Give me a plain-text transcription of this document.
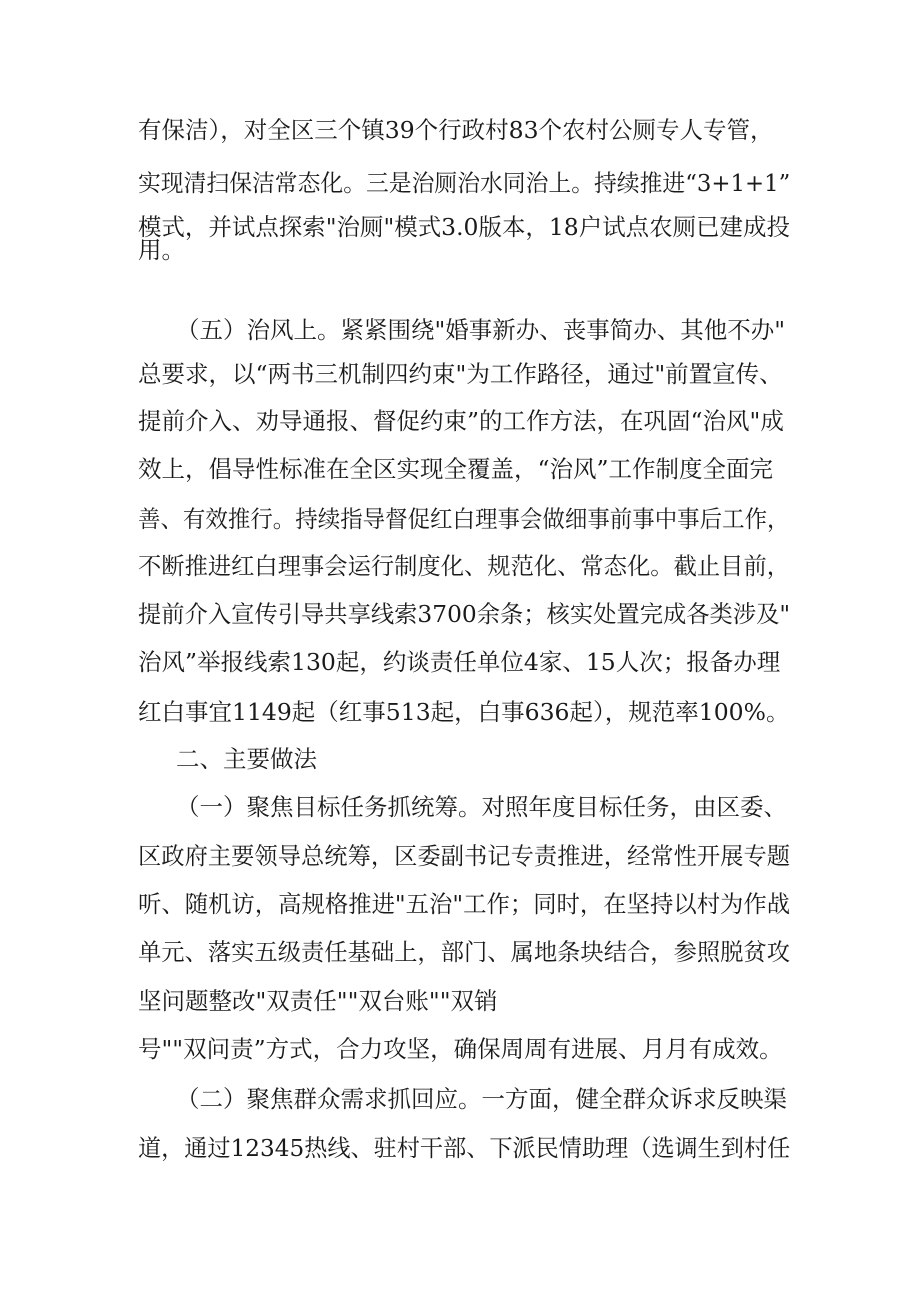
有保洁），对全区三个镇39个行政村83个农村公厕专人专管，
实现清扫保洁常态化。三是治厕治水同治上。持续推进“3+1+1”
模式，并试点探索"治厕"模式3.0版本，18户试点农厕已建成投
用。
（五）治风上。紧紧围绕"婚事新办、丧事简办、其他不办"
总要求，以“两书三机制四约束"为工作路径，通过"前置宣传、
提前介入、劝导通报、督促约束”的工作方法，在巩固“治风"成
效上，倡导性标准在全区实现全覆盖，“治风”工作制度全面完
善、有效推行。持续指导督促红白理事会做细事前事中事后工作，
不断推进红白理事会运行制度化、规范化、常态化。截止目前，
提前介入宣传引导共享线索3700余条；核实处置完成各类涉及"
治风”举报线索130起，约谈责任单位4家、15人次；报备办理
红白事宜1149起（红事513起，白事636起），规范率100%。
二、主要做法
（一）聚焦目标任务抓统筹。对照年度目标任务，由区委、
区政府主要领导总统筹，区委副书记专责推进，经常性开展专题
听、随机访，高规格推进"五治"工作；同时，在坚持以村为作战
单元、落实五级责任基础上，部门、属地条块结合，参照脱贫攻
坚问题整改"双责任""双台账""双销
号""双问责”方式，合力攻坚，确保周周有进展、月月有成效。
（二）聚焦群众需求抓回应。一方面，健全群众诉求反映渠
道，通过12345热线、驻村干部、下派民情助理（选调生到村任
